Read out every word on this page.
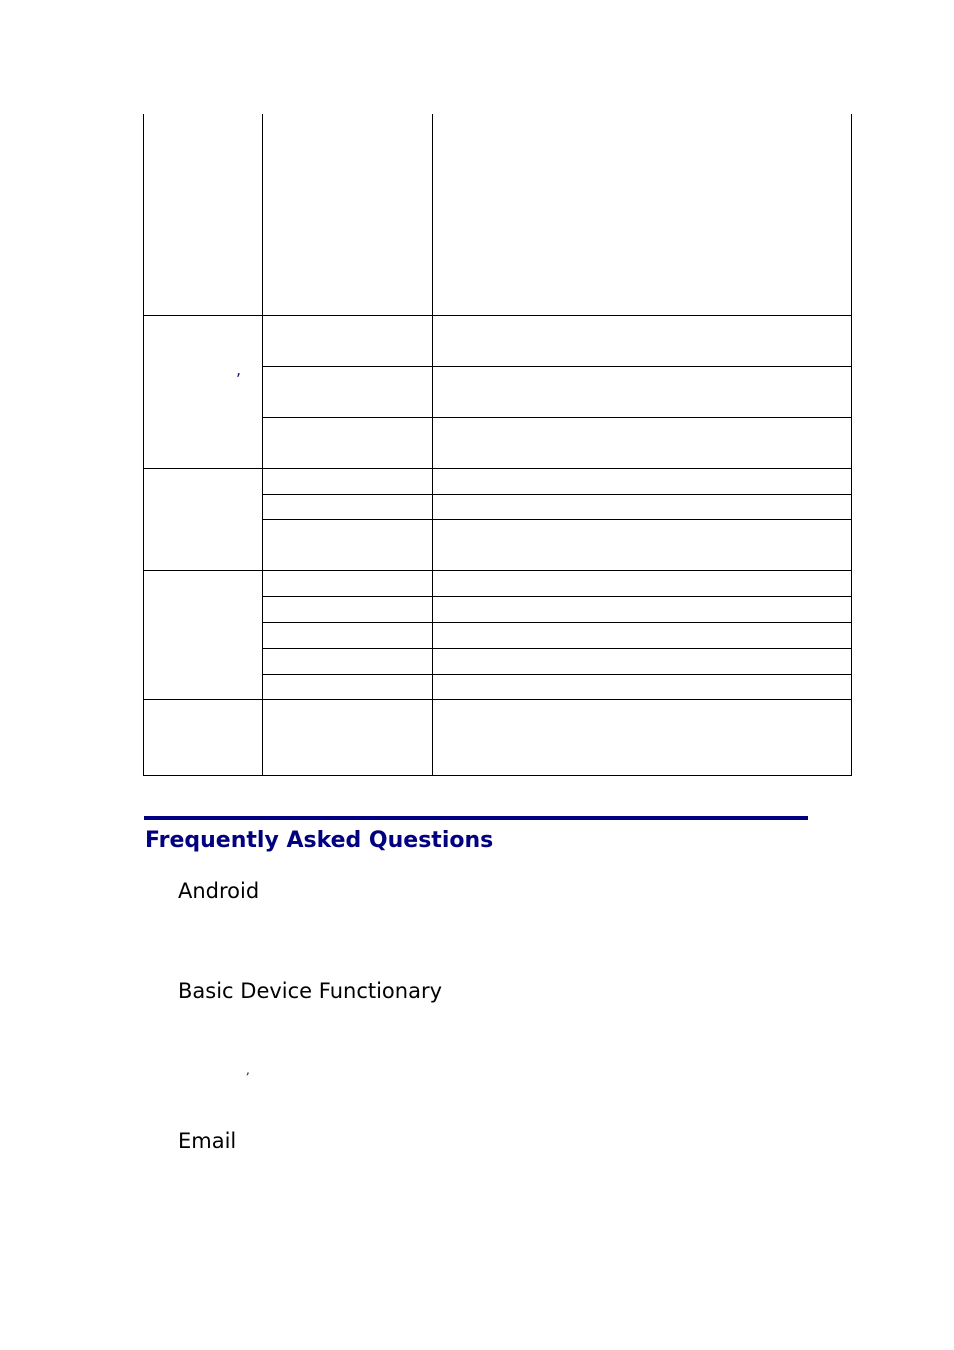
,
Frequently Asked Questions
Android
Basic Device Functionary
,
Email
